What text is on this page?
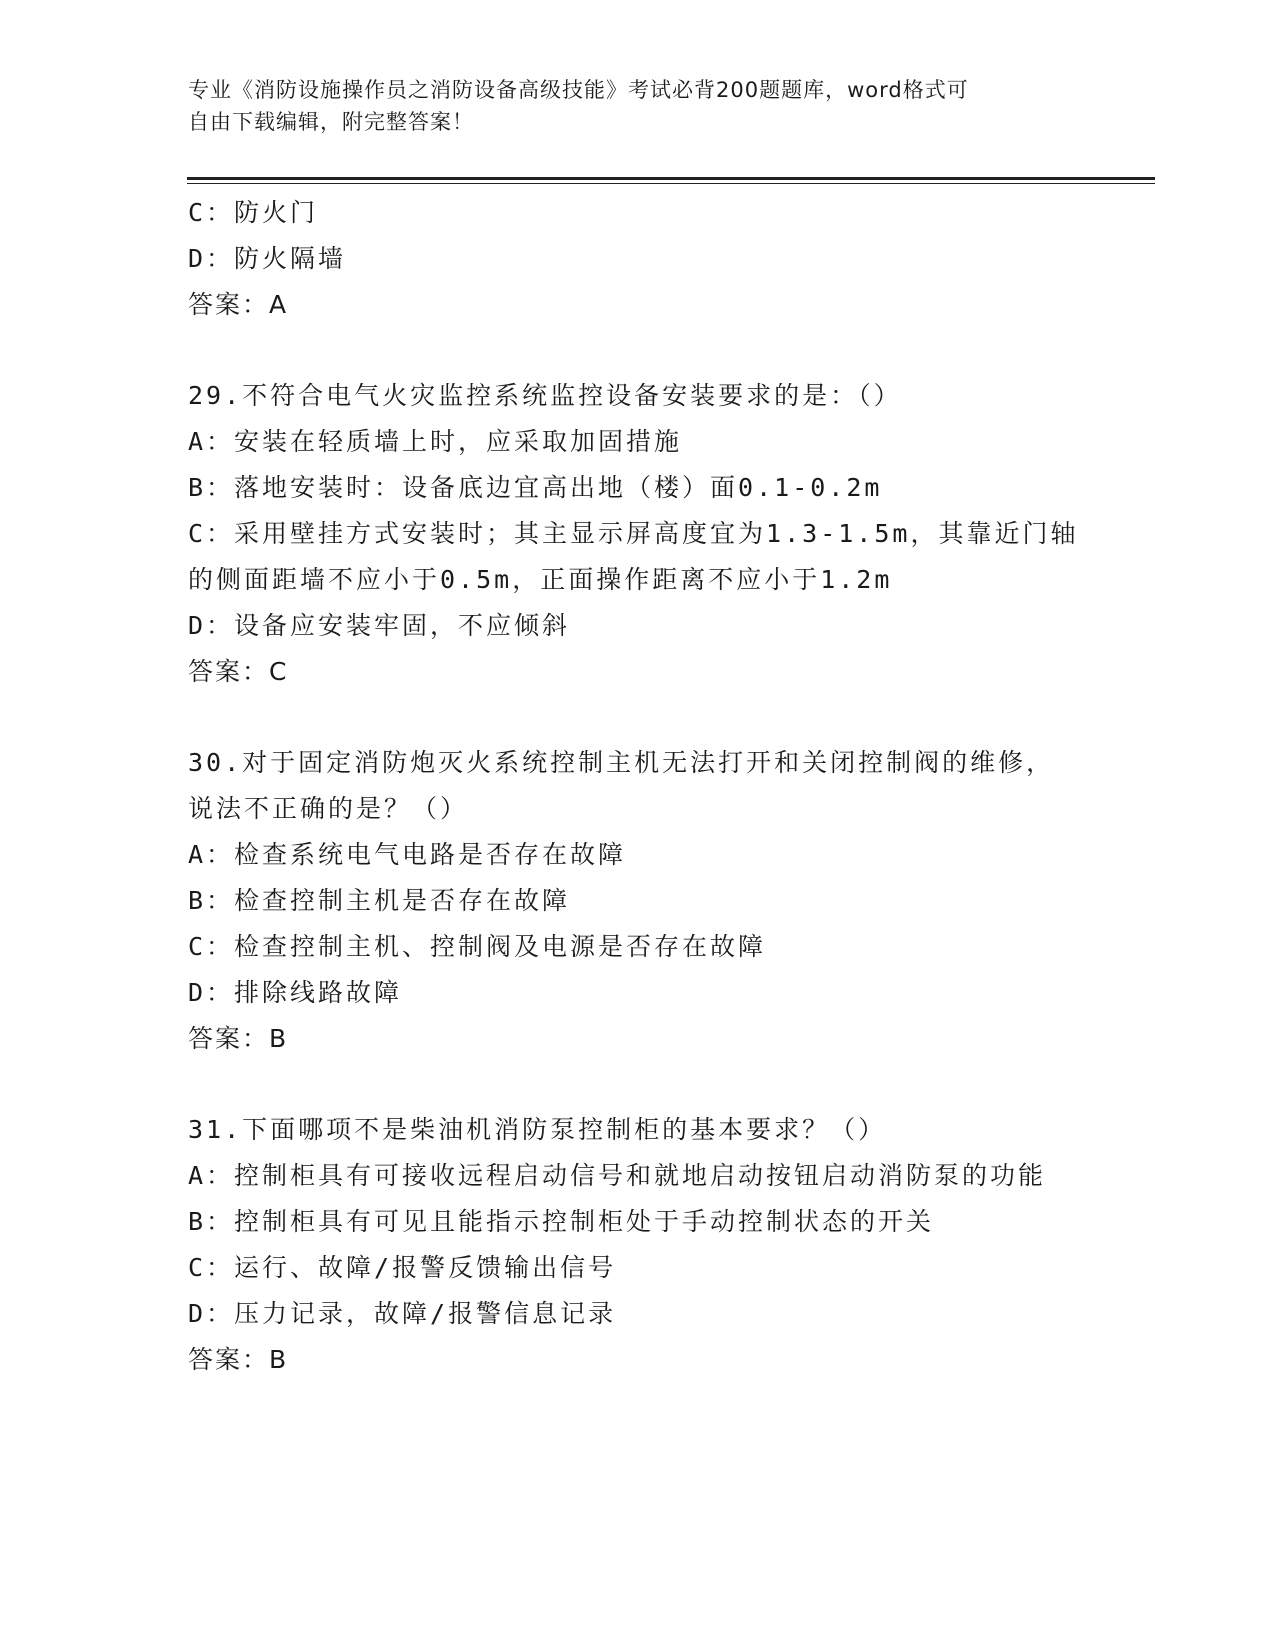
专业《消防设施操作员之消防设备高级技能》考试必背200题题库，word格式可
自由下载编辑，附完整答案！
C：防火门
D：防火隔墙
答案：A
29.不符合电气火灾监控系统监控设备安装要求的是：（）
A：安装在轻质墙上时，应采取加固措施
B：落地安装时：设备底边宜高出地（楼）面0.1-0.2m
C：采用壁挂方式安装时；其主显示屏高度宜为1.3-1.5m，其靠近门轴
的侧面距墙不应小于0.5m，正面操作距离不应小于1.2m
D：设备应安装牢固，不应倾斜
答案：C
30.对于固定消防炮灭火系统控制主机无法打开和关闭控制阀的维修，
说法不正确的是？（）
A：检查系统电气电路是否存在故障
B：检查控制主机是否存在故障
C：检查控制主机、控制阀及电源是否存在故障
D：排除线路故障
答案：B
31.下面哪项不是柴油机消防泵控制柜的基本要求？（）
A：控制柜具有可接收远程启动信号和就地启动按钮启动消防泵的功能
B：控制柜具有可见且能指示控制柜处于手动控制状态的开关
C：运行、故障/报警反馈输出信号
D：压力记录，故障/报警信息记录
答案：B
